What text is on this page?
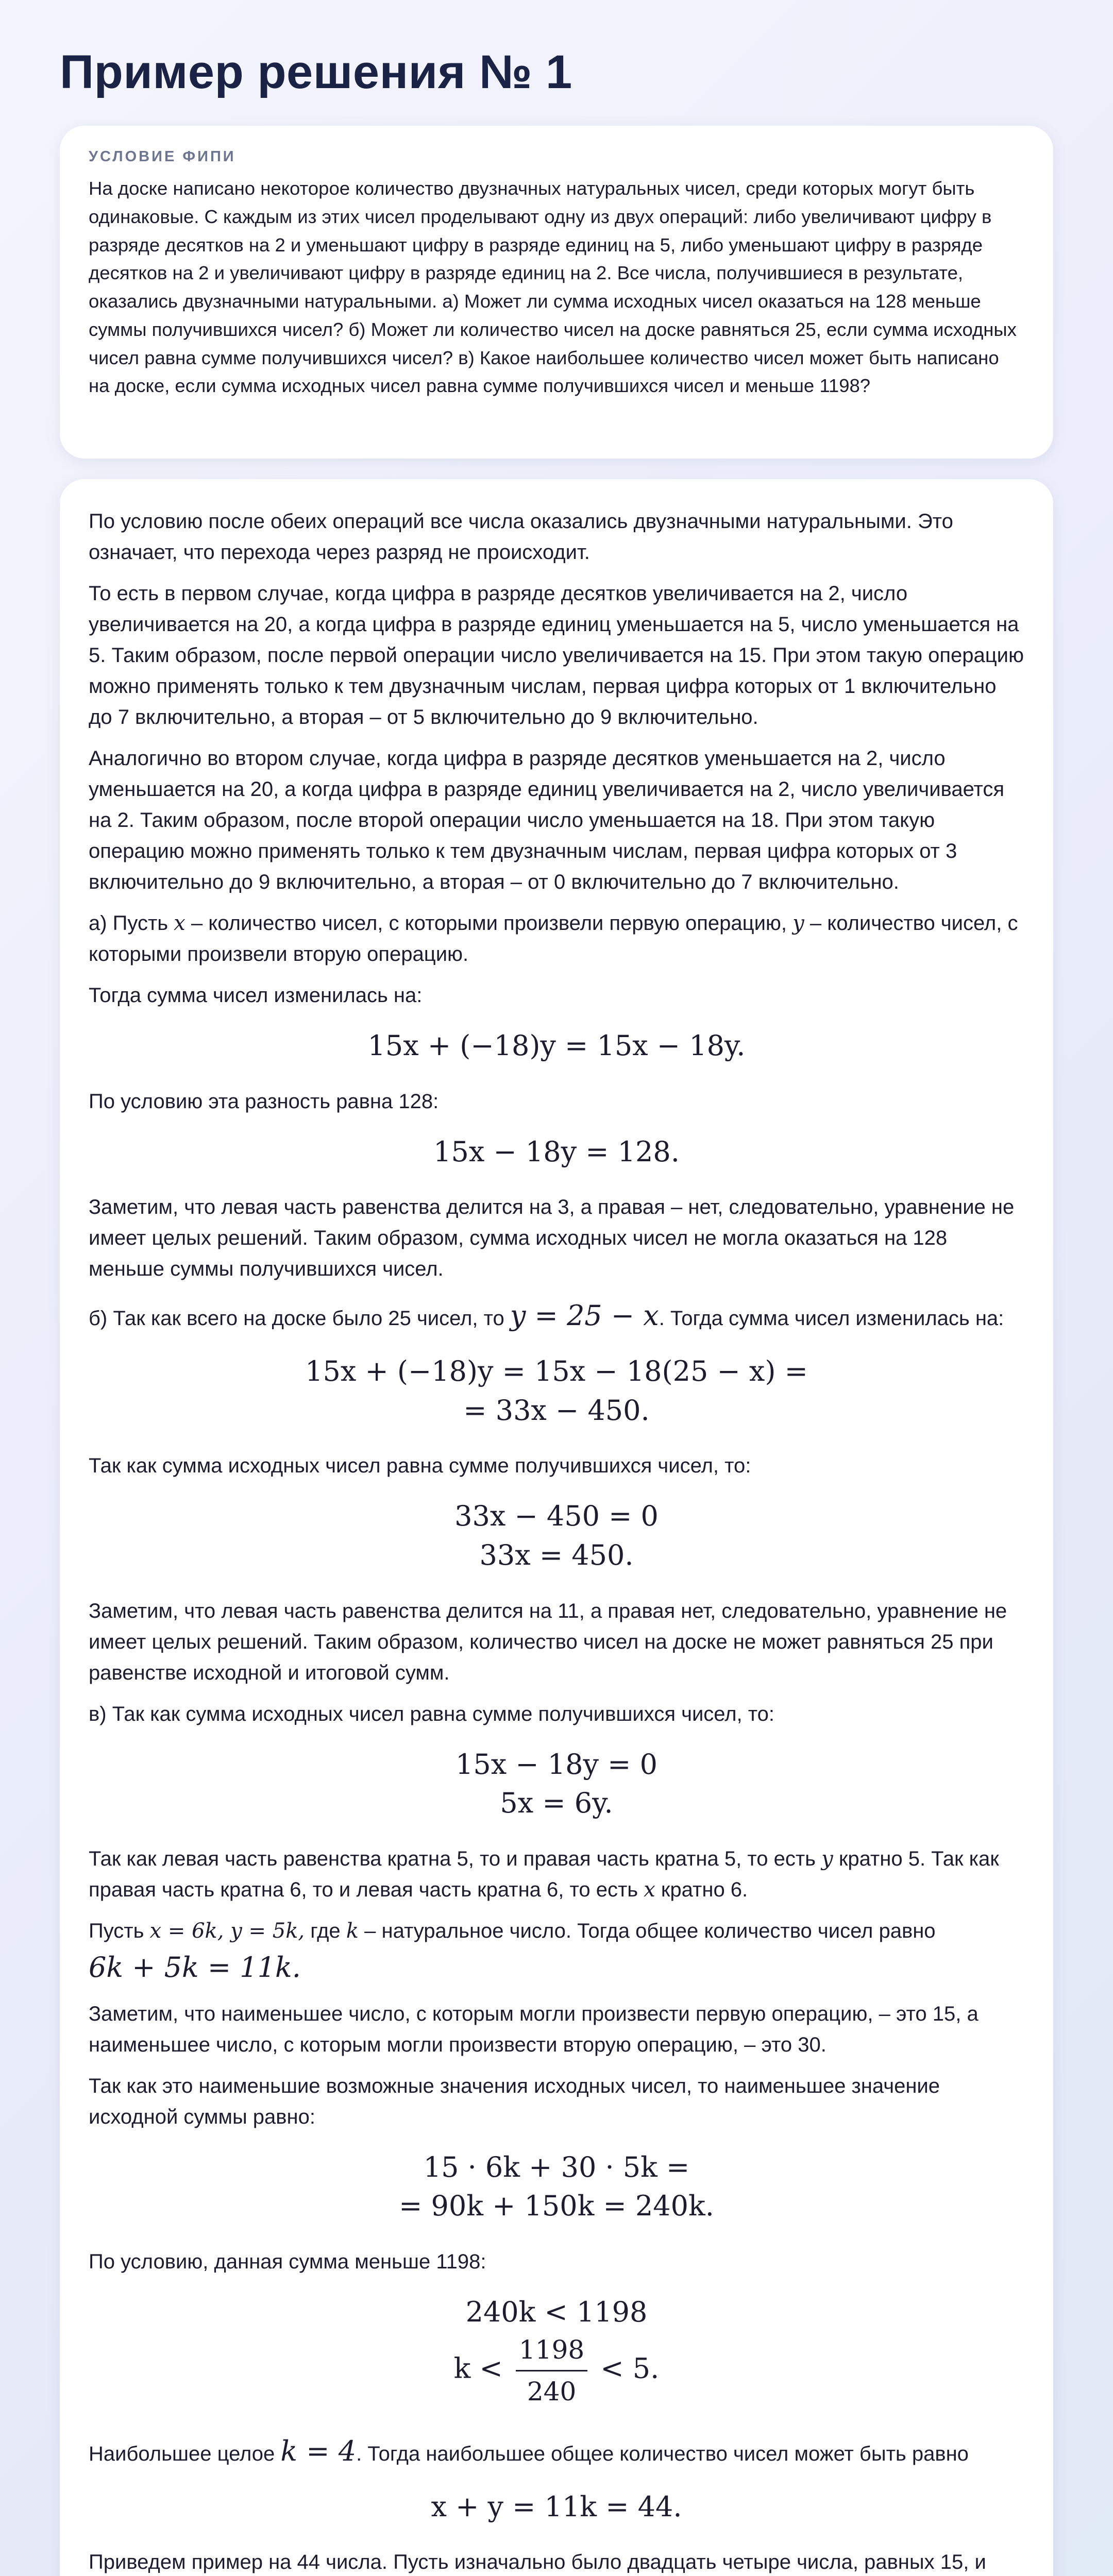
Пример решения № 1
УСЛОВИЕ ФИПИ
На доске написано некоторое количество двузначных натуральных чисел, среди которых могут быть одинаковые. С каждым из этих чисел проделывают одну из двух операций: либо увеличивают цифру в разряде десятков на 2 и уменьшают цифру в разряде единиц на 5, либо уменьшают цифру в разряде десятков на 2 и увеличивают цифру в разряде единиц на 2. Все числа, получившиеся в результате, оказались двузначными натуральными. а) Может ли сумма исходных чисел оказаться на 128 меньше суммы получившихся чисел? б) Может ли количество чисел на доске равняться 25, если сумма исходных чисел равна сумме получившихся чисел? в) Какое наибольшее количество чисел может быть написано на доске, если сумма исходных чисел равна сумме получившихся чисел и меньше 1198?

По условию после обеих операций все числа оказались двузначными натуральными. Это означает, что перехода через разряд не происходит.

То есть в первом случае, когда цифра в разряде десятков увеличивается на 2, число увеличивается на 20, а когда цифра в разряде единиц уменьшается на 5, число уменьшается на 5. Таким образом, после первой операции число увеличивается на 15. При этом такую операцию можно применять только к тем двузначным числам, первая цифра которых от 1 включительно до 7 включительно, а вторая – от 5 включительно до 9 включительно.

Аналогично во втором случае, когда цифра в разряде десятков уменьшается на 2, число уменьшается на 20, а когда цифра в разряде единиц увеличивается на 2, число увеличивается на 2. Таким образом, после второй операции число уменьшается на 18. При этом такую операцию можно применять только к тем двузначным числам, первая цифра которых от 3 включительно до 9 включительно, а вторая – от 0 включительно до 7 включительно.

а) Пусть x – количество чисел, с которыми произвели первую операцию, y – количество чисел, с которыми произвели вторую операцию.

Тогда сумма чисел изменилась на:

15x + (−18)y = 15x − 18y.

По условию эта разность равна 128:

15x − 18y = 128.

Заметим, что левая часть равенства делится на 3, а правая – нет, следовательно, уравнение не имеет целых решений. Таким образом, сумма исходных чисел не могла оказаться на 128 меньше суммы получившихся чисел.

б) Так как всего на доске было 25 чисел, то y = 25 − x. Тогда сумма чисел изменилась на:

15x + (−18)y = 15x − 18(25 − x) =
= 33x − 450.

Так как сумма исходных чисел равна сумме получившихся чисел, то:

33x − 450 = 0
33x = 450.

Заметим, что левая часть равенства делится на 11, а правая нет, следовательно, уравнение не имеет целых решений. Таким образом, количество чисел на доске не может равняться 25 при равенстве исходной и итоговой сумм.

в) Так как сумма исходных чисел равна сумме получившихся чисел, то:

15x − 18y = 0
5x = 6y.

Так как левая часть равенства кратна 5, то и правая часть кратна 5, то есть y кратно 5. Так как правая часть кратна 6, то и левая часть кратна 6, то есть x кратно 6.

Пусть x = 6k, y = 5k, где k – натуральное число. Тогда общее количество чисел равно
6k + 5k = 11k.

Заметим, что наименьшее число, с которым могли произвести первую операцию, – это 15, а наименьшее число, с которым могли произвести вторую операцию, – это 30.

Так как это наименьшие возможные значения исходных чисел, то наименьшее значение исходной суммы равно:

15 · 6k + 30 · 5k =
= 90k + 150k = 240k.

По условию, данная сумма меньше 1198:

240k < 1198
$k < \frac{1198}{240} < 5$.

Наибольшее целое k = 4. Тогда наибольшее общее количество чисел может быть равно

x + y = 11k = 44.

Приведем пример на 44 числа. Пусть изначально было двадцать четыре числа, равных 15, и
